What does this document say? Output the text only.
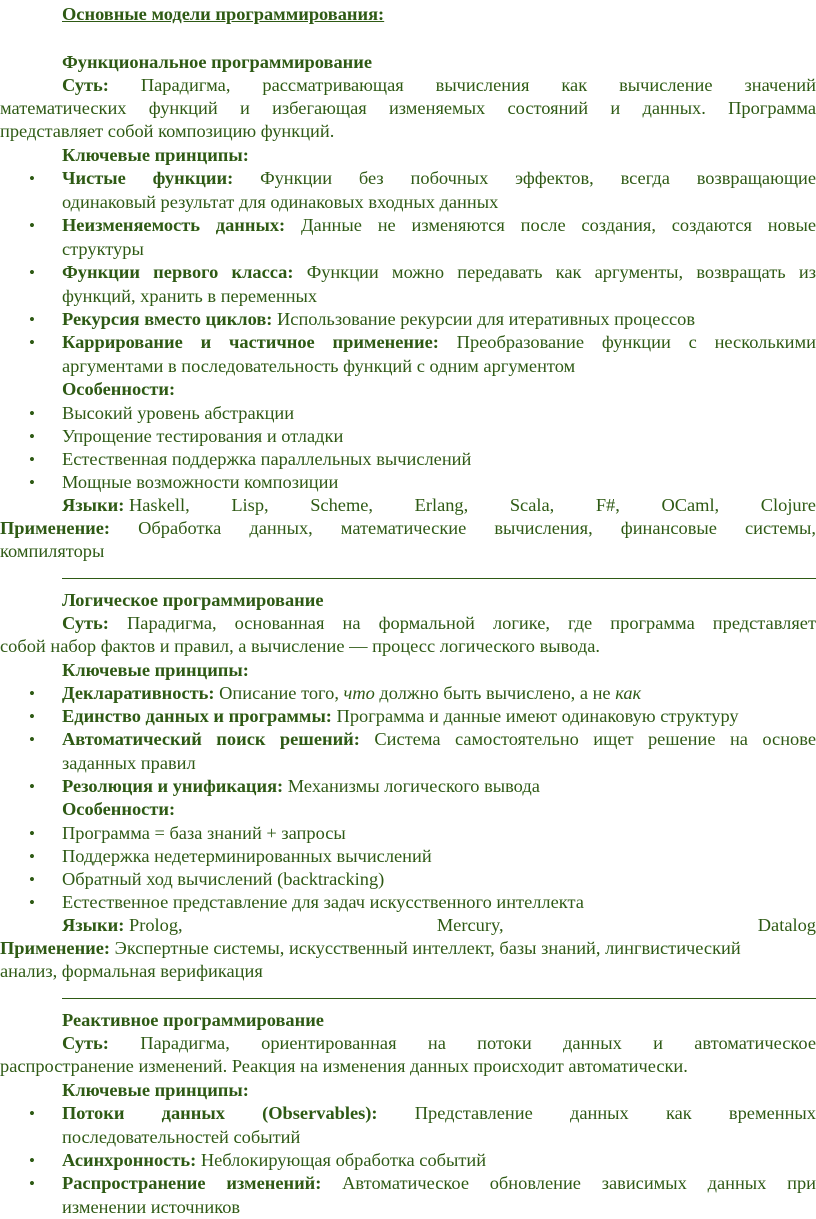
Основные модели программирования:
Функциональное программирование
Суть: Парадигма, рассматривающая вычисления как вычисление значений
математических функций и избегающая изменяемых состояний и данных. Программа
представляет собой композицию функций.
Ключевые принципы:
• Чистые функции: Функции без побочных эффектов, всегда возвращающие
одинаковый результат для одинаковых входных данных
• Неизменяемость данных: Данные не изменяются после создания, создаются новые
структуры
• Функции первого класса: Функции можно передавать как аргументы, возвращать из
функций, хранить в переменных
• Рекурсия вместо циклов: Использование рекурсии для итеративных процессов
• Каррирование и частичное применение: Преобразование функции с несколькими
аргументами в последовательность функций с одним аргументом
Особенности:
• Высокий уровень абстракции
• Упрощение тестирования и отладки
• Естественная поддержка параллельных вычислений
• Мощные возможности композиции
Языки: Haskell, Lisp, Scheme, Erlang, Scala, F#, OCaml, Clojure
Применение: Обработка данных, математические вычисления, финансовые системы,
компиляторы
Логическое программирование
Суть: Парадигма, основанная на формальной логике, где программа представляет
собой набор фактов и правил, а вычисление — процесс логического вывода.
Ключевые принципы:
• Декларативность: Описание того, что должно быть вычислено, а не как
• Единство данных и программы: Программа и данные имеют одинаковую структуру
• Автоматический поиск решений: Система самостоятельно ищет решение на основе
заданных правил
• Резолюция и унификация: Механизмы логического вывода
Особенности:
• Программа = база знаний + запросы
• Поддержка недетерминированных вычислений
• Обратный ход вычислений (backtracking)
• Естественное представление для задач искусственного интеллекта
Языки: Prolog,	Mercury,	Datalog
Применение: Экспертные системы, искусственный интеллект, базы знаний, лингвистический
анализ, формальная верификация
Реактивное программирование
Суть: Парадигма, ориентированная на потоки данных и автоматическое
распространение изменений. Реакция на изменения данных происходит автоматически.
Ключевые принципы:
• Потоки данных (Observables): Представление данных как временных
последовательностей событий
• Асинхронность: Неблокирующая обработка событий
• Распространение изменений: Автоматическое обновление зависимых данных при
изменении источников
